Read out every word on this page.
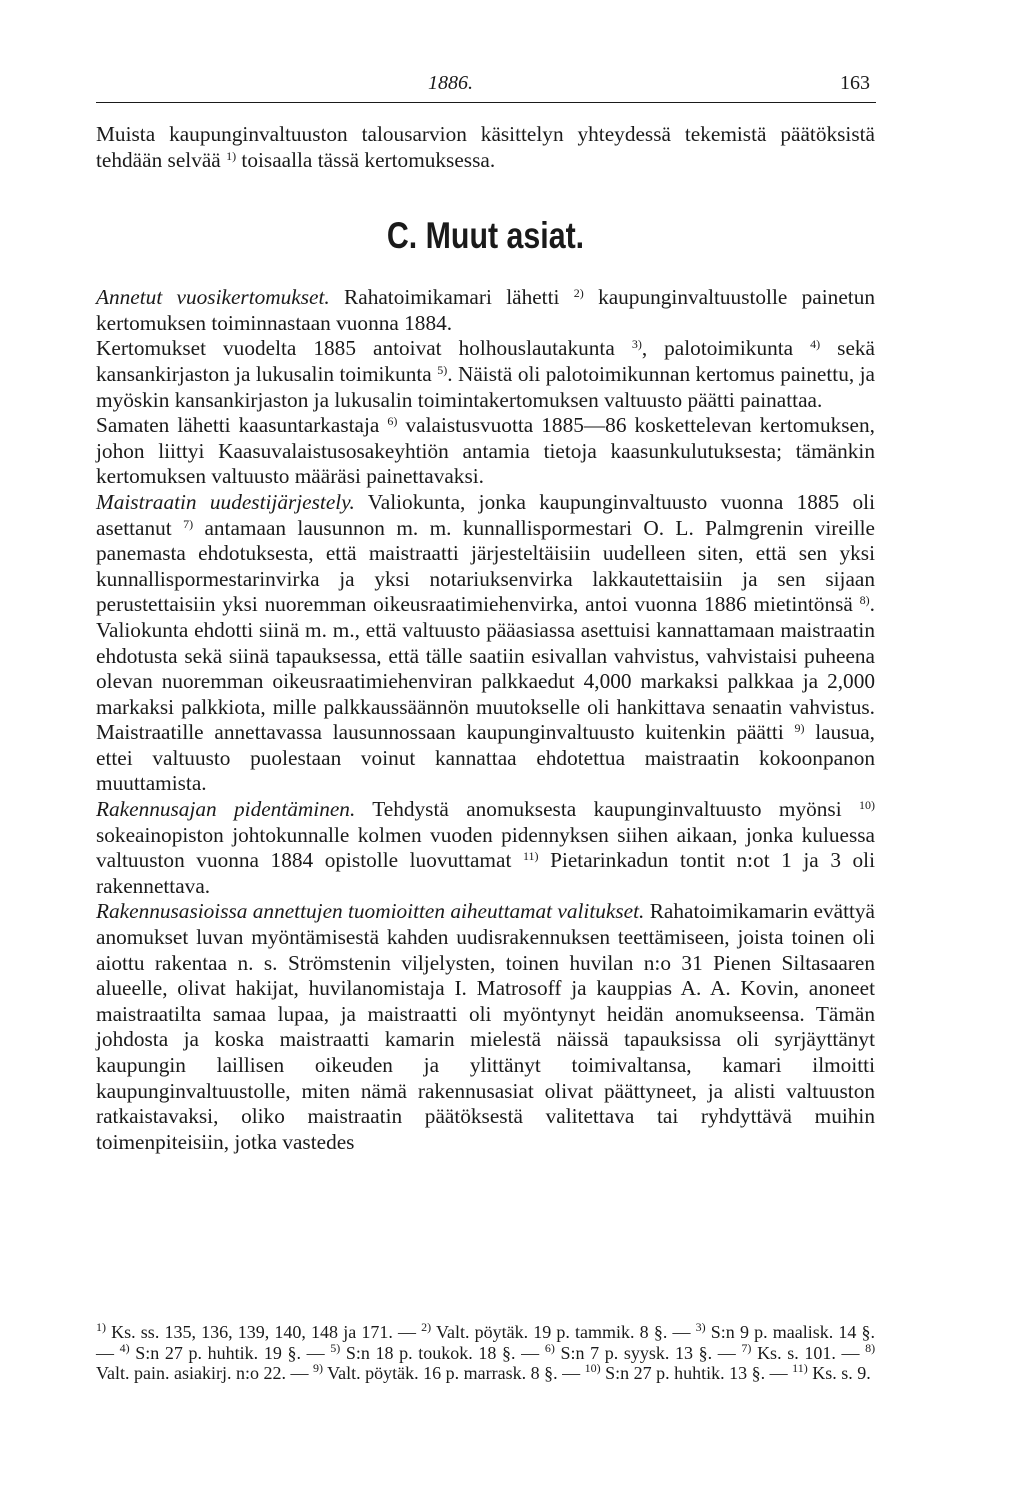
1886.	163

Muista kaupunginvaltuuston talousarvion käsittelyn yhteydessä tekemistä päätöksistä tehdään selvää $^{1)}$ toisaalla tässä kertomuksessa.

C. Muut asiat.

Annetut vuosikertomukset. Rahatoimikamari lähetti $^{2)}$ kaupunginvaltuustolle painetun kertomuksen toiminnastaan vuonna 1884.

Kertomukset vuodelta 1885 antoivat holhouslautakunta $^{3)}$, palotoimikunta $^{4)}$ sekä kansankirjaston ja lukusalin toimikunta $^{5)}$. Näistä oli palotoimikunnan kertomus painettu, ja myöskin kansankirjaston ja lukusalin toimintakertomuksen valtuusto päätti painattaa.

Samaten lähetti kaasuntarkastaja $^{6)}$ valaistusvuotta 1885—86 koskettelevan kertomuksen, johon liittyi Kaasuvalaistusosakeyhtiön antamia tietoja kaasunkulutuksesta; tämänkin kertomuksen valtuusto määräsi painettavaksi.

Maistraatin uudestijärjestely. Valiokunta, jonka kaupunginvaltuusto vuonna 1885 oli asettanut $^{7)}$ antamaan lausunnon m. m. kunnallispormestari O. L. Palmgrenin vireille panemasta ehdotuksesta, että maistraatti järjesteltäisiin uudelleen siten, että sen yksi kunnallispormestarinvirka ja yksi notariuksenvirka lakkautettaisiin ja sen sijaan perustettaisiin yksi nuoremman oikeusraatimiehenvirka, antoi vuonna 1886 mietintönsä $^{8)}$. Valiokunta ehdotti siinä m. m., että valtuusto pääasiassa asettuisi kannattamaan maistraatin ehdotusta sekä siinä tapauksessa, että tälle saatiin esivallan vahvistus, vahvistaisi puheena olevan nuoremman oikeusraatimiehenviran palkkaedut 4,000 markaksi palkkaa ja 2,000 markaksi palkkiota, mille palkkaussäännön muutokselle oli hankittava senaatin vahvistus. Maistraatille annettavassa lausunnossaan kaupunginvaltuusto kuitenkin päätti $^{9)}$ lausua, ettei valtuusto puolestaan voinut kannattaa ehdotettua maistraatin kokoonpanon muuttamista.

Rakennusajan pidentäminen. Tehdystä anomuksesta kaupunginvaltuusto myönsi $^{10)}$ sokeainopiston johtokunnalle kolmen vuoden pidennyksen siihen aikaan, jonka kuluessa valtuuston vuonna 1884 opistolle luovuttamat $^{11)}$ Pietarinkadun tontit n:ot 1 ja 3 oli rakennettava.

Rakennusasioissa annettujen tuomioitten aiheuttamat valitukset. Rahatoimikamarin evättyä anomukset luvan myöntämisestä kahden uudisrakennuksen teettämiseen, joista toinen oli aiottu rakentaa n. s. Strömstenin viljelysten, toinen huvilan n:o 31 Pienen Siltasaaren alueelle, olivat hakijat, huvilanomistaja I. Matrosoff ja kauppias A. A. Kovin, anoneet maistraatilta samaa lupaa, ja maistraatti oli myöntynyt heidän anomukseensa. Tämän johdosta ja koska maistraatti kamarin mielestä näissä tapauksissa oli syrjäyttänyt kaupungin laillisen oikeuden ja ylittänyt toimivaltansa, kamari ilmoitti kaupunginvaltuustolle, miten nämä rakennusasiat olivat päättyneet, ja alisti valtuuston ratkaistavaksi, oliko maistraatin päätöksestä valitettava tai ryhdyttävä muihin toimenpiteisiin, jotka vastedes

$^{1)}$ Ks. ss. 135, 136, 139, 140, 148 ja 171. — $^{2)}$ Valt. pöytäk. 19 p. tammik. 8 §. — $^{3)}$ S:n 9 p. maalisk. 14 §. — $^{4)}$ S:n 27 p. huhtik. 19 §. — $^{5)}$ S:n 18 p. toukok. 18 §. — $^{6)}$ S:n 7 p. syysk. 13 §. — $^{7)}$ Ks. s. 101. — $^{8)}$ Valt. pain. asiakirj. n:o 22. — $^{9)}$ Valt. pöytäk. 16 p. marrask. 8 §. — $^{10)}$ S:n 27 p. huhtik. 13 §. — $^{11)}$ Ks. s. 9.
